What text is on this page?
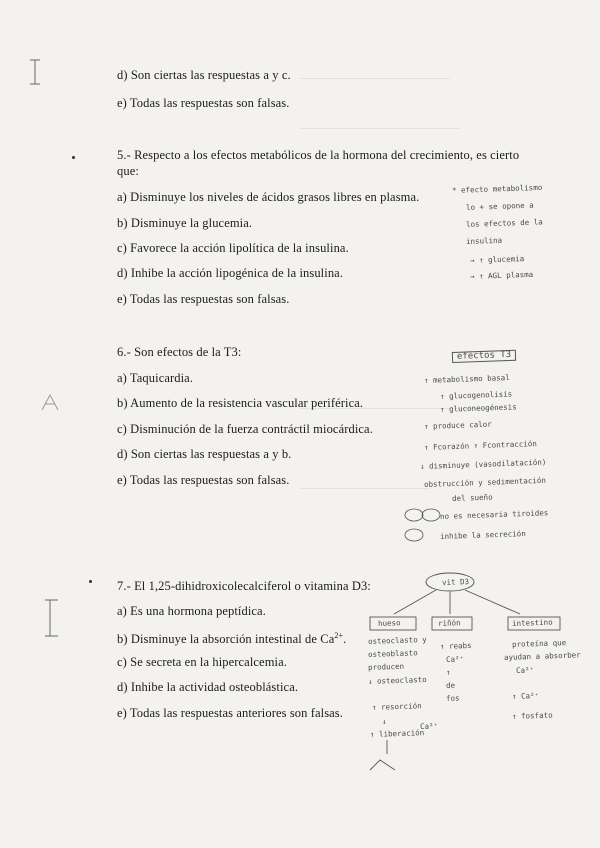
d) Son ciertas las respuestas a y c.
e) Todas las respuestas son falsas.
5.- Respecto a los efectos metabólicos de la hormona del crecimiento, es cierto
que:
a) Disminuye los niveles de ácidos grasos libres en plasma.
b) Disminuye la glucemia.
c) Favorece la acción lipolítica de la insulina.
d) Inhibe la acción lipogénica de la insulina.
e) Todas las respuestas son falsas.
* efecto metabolismo
lo + se opone a
los efectos de la
insulina
→ ↑ glucemia
→ ↑ AGL plasma
6.- Son efectos de la T3:
a) Taquicardia.
b) Aumento de la resistencia vascular periférica.
c) Disminución de la fuerza contráctil miocárdica.
d) Son ciertas las respuestas a y b.
e) Todas las respuestas son falsas.
efectos T3
↑ metabolismo basal
↑ glucogenolisis
↑ gluconeogénesis
↑ produce calor
↑ Fcorazón ↑ Fcontracción
↓ disminuye (vasodilatación)
obstrucción y sedimentación
del sueño
no es necesaria tiroides
inhibe la secreción
7.- El 1,25-dihidroxicolecalciferol o vitamina D3:
a) Es una hormona peptídica.
b) Disminuye la absorción intestinal de $Ca^{2+}$.
c) Se secreta en la hipercalcemia.
d) Inhibe la actividad osteoblástica.
e) Todas las respuestas anteriores son falsas.
vit D3
hueso	riñón	intestino
osteoclasto y
osteoblasto
producen
↓ osteoclasto
↑ resorción
↓
↑ liberación
Ca²⁺
↑ reabs
Ca²⁺
↑
de
fos
proteína que
ayudan a absorber
Ca²⁺
↑ Ca²⁺
↑ fosfato
